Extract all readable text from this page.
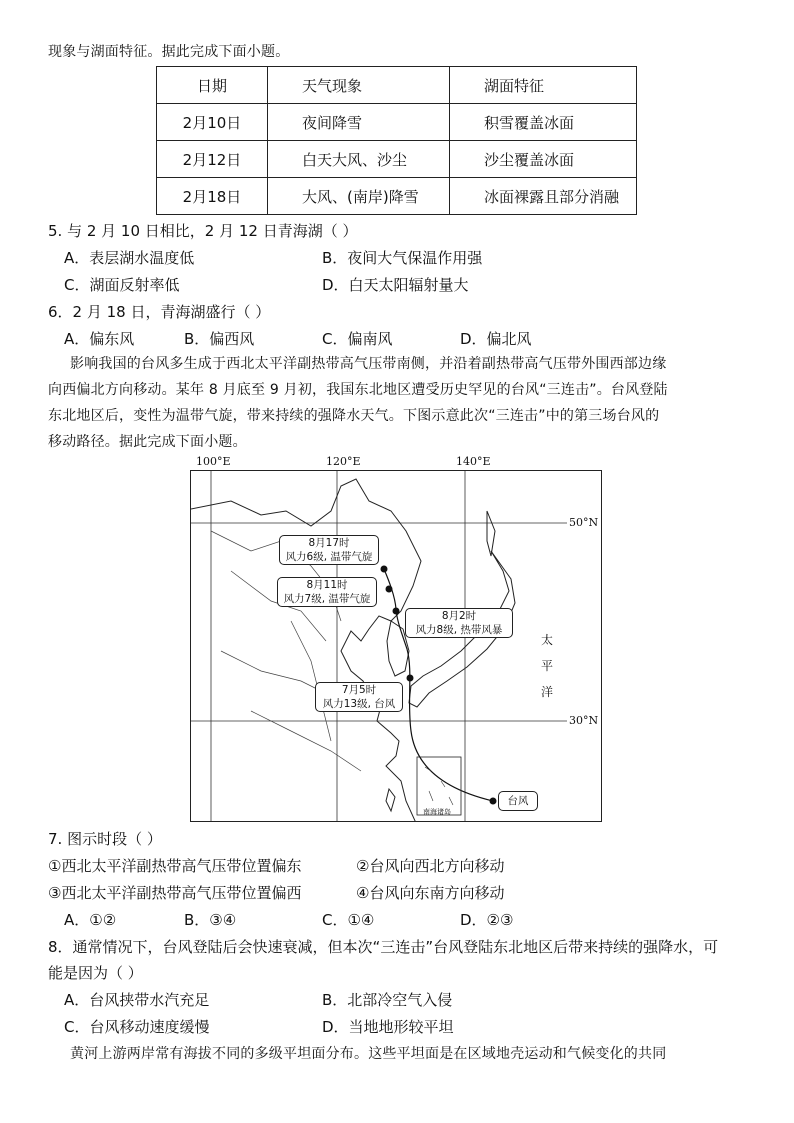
现象与湖面特征。据此完成下面小题。
日期	天气现象	湖面特征
2月10日	夜间降雪	积雪覆盖冰面
2月12日	白天大风、沙尘	沙尘覆盖冰面
2月18日	大风、(南岸)降雪	冰面裸露且部分消融
5. 与 2 月 10 日相比，2 月 12 日青海湖（ ）
A．表层湖水温度低	B．夜间大气保温作用强
C．湖面反射率低	D．白天太阳辐射量大
6．2 月 18 日，青海湖盛行（ ）
A．偏东风	B．偏西风	C．偏南风	D．偏北风
影响我国的台风多生成于西北太平洋副热带高气压带南侧，并沿着副热带高气压带外围西部边缘
向西偏北方向移动。某年 8 月底至 9 月初，我国东北地区遭受历史罕见的台风“三连击”。台风登陆
东北地区后，变性为温带气旋，带来持续的强降水天气。下图示意此次“三连击”中的第三场台风的
移动路径。据此完成下面小题。
100°E	120°E	140°E
50°N
30°N
太
平
洋
南海诸岛
8月17时
风力6级, 温带气旋
8月11时
风力7级, 温带气旋
8月2时
风力8级, 热带风暴
7月5时
风力13级, 台风
台风
7. 图示时段（ ）
①西北太平洋副热带高气压带位置偏东	②台风向西北方向移动
③西北太平洋副热带高气压带位置偏西	④台风向东南方向移动
A．①②	B．③④	C．①④	D．②③
8．通常情况下，台风登陆后会快速衰减，但本次“三连击”台风登陆东北地区后带来持续的强降水，可
能是因为（ ）
A．台风挟带水汽充足	B．北部冷空气入侵
C．台风移动速度缓慢	D．当地地形较平坦
黄河上游两岸常有海拔不同的多级平坦面分布。这些平坦面是在区域地壳运动和气候变化的共同
